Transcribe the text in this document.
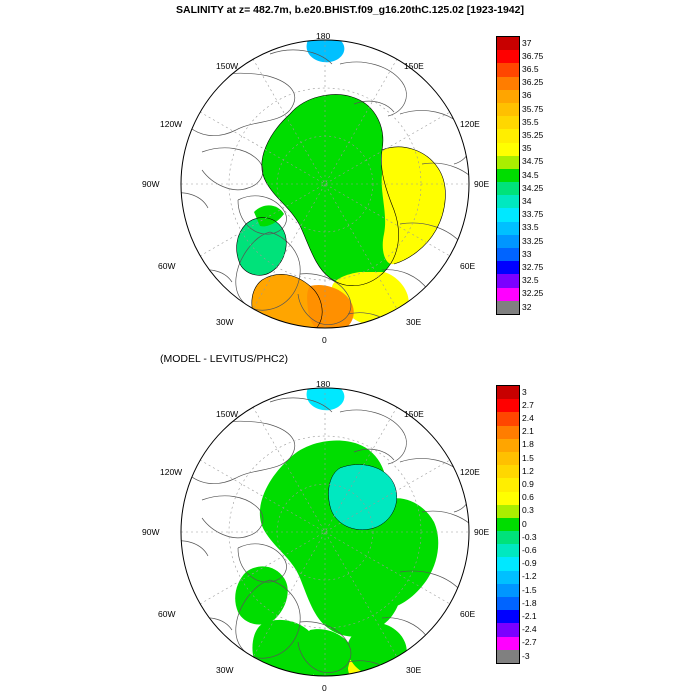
SALINITY at z= 482.7m, b.e20.BHIST.f09_g16.20thC.125.02 [1923-1942]
(MODEL - LEVITUS/PHC2)
180
150W
120W
90W
60W
30W
0
30E
60E
90E
120E
150E
37
36.75
36.5
36.25
36
35.75
35.5
35.25
35
34.75
34.5
34.25
34
33.75
33.5
33.25
33
32.75
32.5
32.25
32
180
150W
120W
90W
60W
30W
0
30E
60E
90E
120E
150E
3
2.7
2.4
2.1
1.8
1.5
1.2
0.9
0.6
0.3
0
-0.3
-0.6
-0.9
-1.2
-1.5
-1.8
-2.1
-2.4
-2.7
-3
